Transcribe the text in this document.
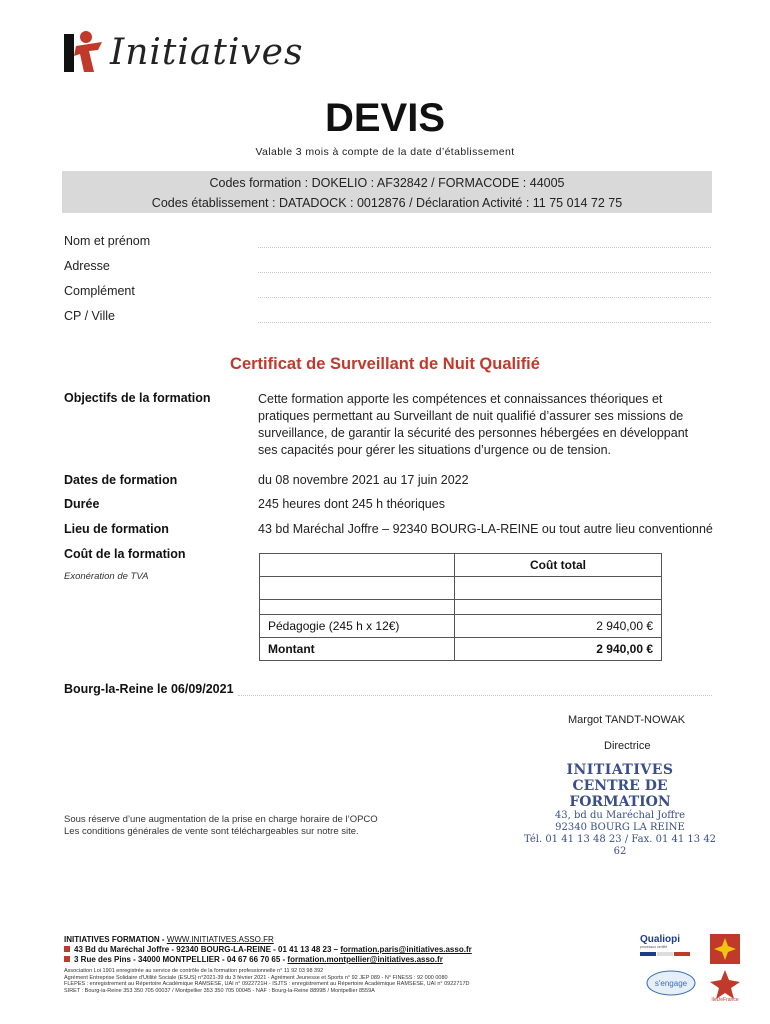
Initiatives
DEVIS
Valable 3 mois à compte de la date d’établissement
Codes formation : DOKELIO : AF32842 / FORMACODE : 44005
Codes établissement : DATADOCK : 0012876 / Déclaration Activité : 11 75 014 72 75
Nom et prénom
Adresse
Complément
CP / Ville
Certificat de Surveillant de Nuit Qualifié
Objectifs de la formation	Cette formation apporte les compétences et connaissances théoriques et
pratiques permettant au Surveillant de nuit qualifié d’assurer ses missions de
surveillance, de garantir la sécurité des personnes hébergées en développant
ses capacités pour gérer les situations d’urgence ou de tension.
Dates de formation	du 08 novembre 2021 au 17 juin 2022
Durée	245 heures dont 245 h théoriques
Lieu de formation	43 bd Maréchal Joffre – 92340 BOURG-LA-REINE ou tout autre lieu conventionné
Coût de la formation
Exonération de TVA
	Coût total

Pédagogie (245 h x 12€)	2 940,00 €
Montant	2 940,00 €
Bourg-la-Reine le 06/09/2021
Margot TANDT-NOWAK
Directrice
INITIATIVES
CENTRE DE FORMATION
43, bd du Maréchal Joffre
92340 BOURG LA REINE
Tél. 01 41 13 48 23 / Fax. 01 41 13 42 62
Sous réserve d’une augmentation de la prise en charge horaire de l’OPCO
Les conditions générales de vente sont téléchargeables sur notre site.
INITIATIVES FORMATION - WWW.INITIATIVES.ASSO.FR
43 Bd du Maréchal Joffre - 92340 BOURG-LA-REINE - 01 41 13 48 23 – formation.paris@initiatives.asso.fr
3 Rue des Pins - 34000 MONTPELLIER - 04 67 66 70 65 - formation.montpellier@initiatives.asso.fr
Association Loi 1901 enregistrée au service de contrôle de la formation professionnelle n° 11 92 03 98 392
Agrément Entreprise Solidaire d'Utilité Sociale (ESUS) n°2021-39 du 3 février 2021 - Agrément Jeunesse et Sports n° 92 JEP 089 - N° FINESS : 92 000 0080
FLEPES : enregistrement au Répertoire Académique RAMSESE, UAI n° 0922721H - ISJTS : enregistrement au Répertoire Académique RAMSESE, UAI n° 0922717D
SIRET : Bourg-la-Reine 353 350 705 00037 / Montpellier 353 350 705 00045 - NAF : Bourg-la-Reine 8899B / Montpellier 8559A
Qualiopi
processus certifié
s'engage
IleDeFrance
